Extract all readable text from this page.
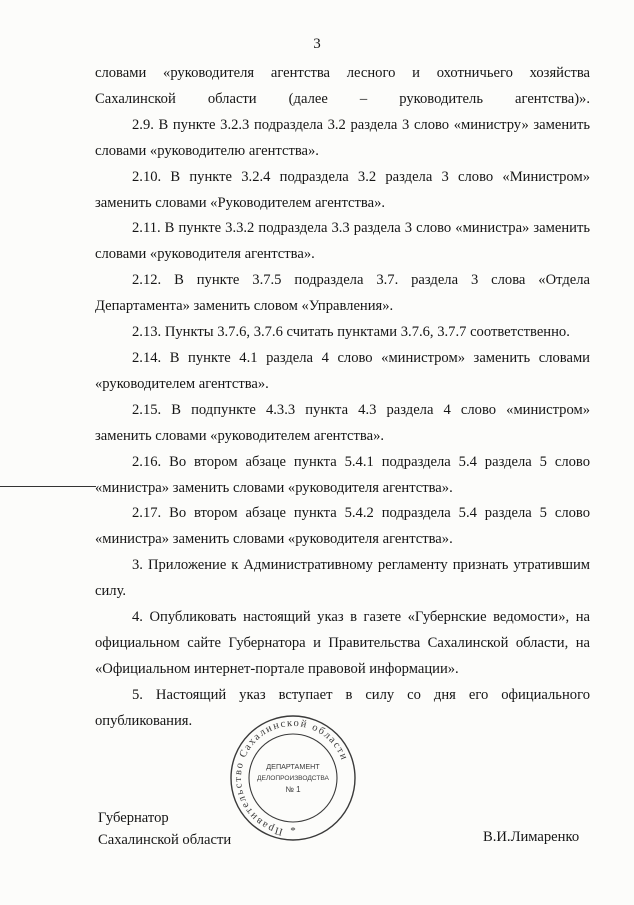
3

словами «руководителя агентства лесного и охотничьего хозяйства Сахалинской области (далее – руководитель агентства)».

2.9. В пункте 3.2.3 подраздела 3.2 раздела 3 слово «министру» заменить словами «руководителю агентства».

2.10. В пункте 3.2.4 подраздела 3.2 раздела 3 слово «Министром» заменить словами «Руководителем агентства».

2.11. В пункте 3.3.2 подраздела 3.3 раздела 3 слово «министра» заменить словами «руководителя агентства».

2.12. В пункте 3.7.5 подраздела 3.7. раздела 3 слова «Отдела Департамента» заменить словом «Управления».

2.13. Пункты 3.7.6, 3.7.6 считать пунктами 3.7.6, 3.7.7 соответственно.

2.14. В пункте 4.1 раздела 4 слово «министром» заменить словами «руководителем агентства».

2.15. В подпункте 4.3.3 пункта 4.3 раздела 4 слово «министром» заменить словами «руководителем агентства».

2.16. Во втором абзаце пункта 5.4.1 подраздела 5.4 раздела 5 слово «министра» заменить словами «руководителя агентства».

2.17. Во втором абзаце пункта 5.4.2 подраздела 5.4 раздела 5 слово «министра» заменить словами «руководителя агентства».

3. Приложение к Административному регламенту признать утратившим силу.

4. Опубликовать настоящий указ в газете «Губернские ведомости», на официальном сайте Губернатора и Правительства Сахалинской области, на «Официальном интернет-портале правовой информации».

5. Настоящий указ вступает в силу со дня его официального опубликования.

Правительство Сахалинской области
*
ДЕПАРТАМЕНТ
ДЕЛОПРОИЗВОДСТВА
№ 1
Губернатор
Сахалинской области	В.И.Лимаренко
